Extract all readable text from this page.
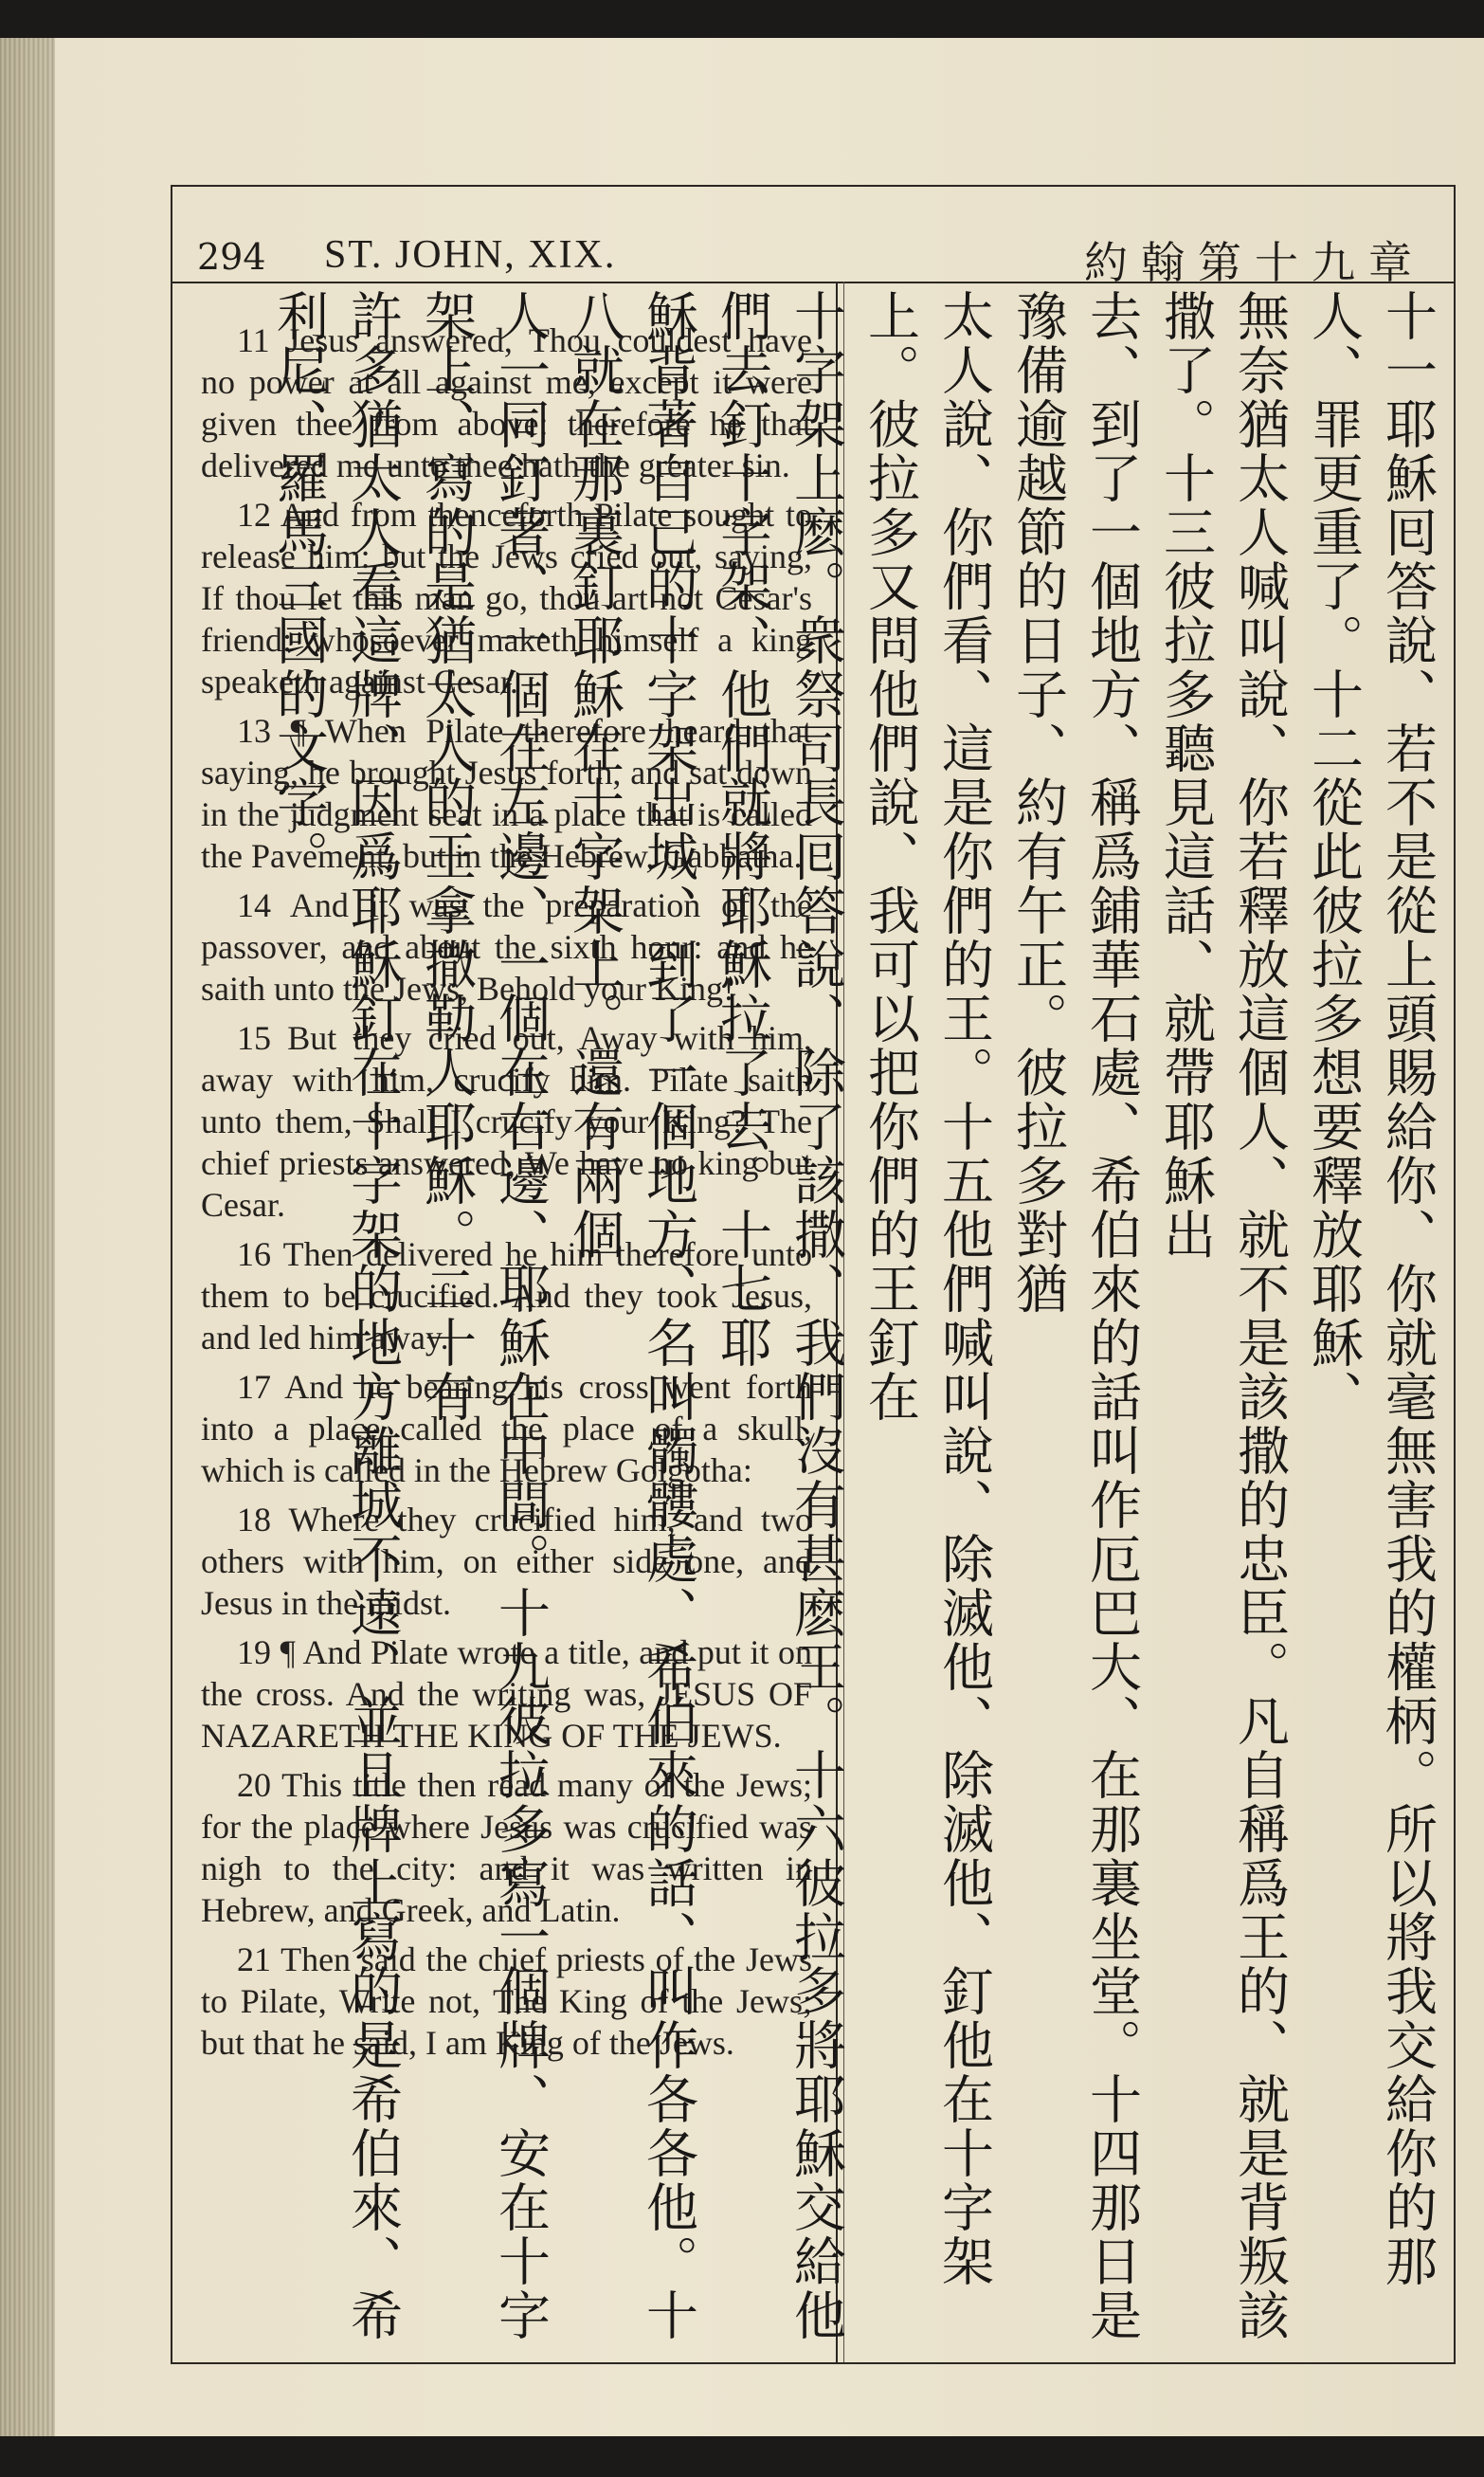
294 ST. JOHN, XIX.	約翰第十九章

11 Jesus answered, Thou couldest have no power at all against me, except it were given thee from above: therefore he that delivered me unto thee hath the greater sin.

12 And from thenceforth Pilate sought to release him: but the Jews cried out, saying, If thou let this man go, thou art not Cesar's friend: whosoever maketh himself a king speaketh against Cesar.

13 ¶ When Pilate therefore heard that saying, he brought Jesus forth, and sat down in the judgment seat in a place that is called the Pavement, but in the Hebrew, Gabbatha.

14 And it was the preparation of the passover, and about the sixth hour: and he saith unto the Jews, Behold your King!

15 But they cried out, Away with him, away with him, crucify him. Pilate saith unto them, Shall I crucify your King? The chief priests answered, We have no king but Cesar.

16 Then delivered he him therefore unto them to be crucified. And they took Jesus, and led him away.

17 And he bearing his cross went forth into a place called the place of a skull, which is called in the Hebrew Golgotha:

18 Where they crucified him, and two others with him, on either side one, and Jesus in the midst.

19 ¶ And Pilate wrote a title, and put it on the cross. And the writing was, JESUS OF NAZARETH THE KING OF THE JEWS.

20 This title then read many of the Jews; for the place where Jesus was crucified was nigh to the city: and it was written in Hebrew, and Greek, and Latin.

21 Then said the chief priests of the Jews to Pilate, Write not, The King of the Jews; but that he said, I am King of the Jews.	十一耶穌囘答說、若不是從上頭賜給你、你就毫無害我的權柄。所以將我交給你的那人、罪更重了。十二從此彼拉多想要釋放耶穌、
無奈猶太人喊叫說、你若釋放這個人、就不是該撒的忠臣。凡自稱爲王的、就是背叛該撒了。十三彼拉多聽見這話、就帶耶穌出
去、到了一個地方、稱爲鋪華石處、希伯來的話叫作厄巴大、在那裏坐堂。十四那日是豫備逾越節的日子、約有午正。彼拉多對猶
太人說、你們看、這是你們的王。十五他們喊叫說、除滅他、除滅他、釘他在十字架上。彼拉多又問他們說、我可以把你們的王釘在
十字架上麽。衆祭司長囘答說、除了該撒、我們沒有甚麽王。十六彼拉多將耶穌交給他們去釘十字架、他們就將耶穌拉了去。十七耶
穌背著自己的十字架出城、到了一個地方、名叫髑髏處、希伯來的話、叫作各各他。十八就在那裏釘耶穌在十字架上。還有兩個
人一同釘著、一個在左邊、一個在右邊、耶穌在中間。十九彼拉多寫一個牌、安在十字架上、寫的是猶太人的王拿撒勒人耶穌。二十有
許多猶太人看這牌、因爲耶穌釘在十字架的地方離城不遠、並且牌上寫的是希伯來、希利尼、羅馬三國的文字。
